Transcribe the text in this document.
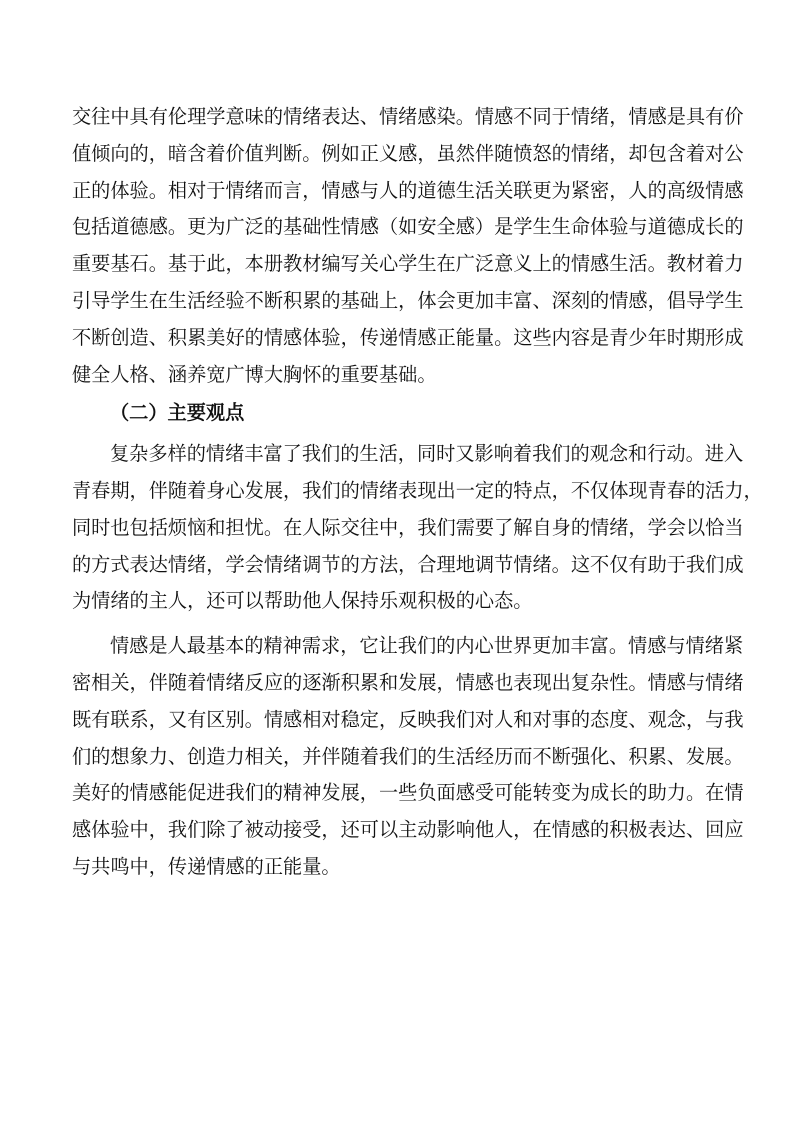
交往中具有伦理学意味的情绪表达、情绪感染。情感不同于情绪，情感是具有价
值倾向的，暗含着价值判断。例如正义感，虽然伴随愤怒的情绪，却包含着对公
正的体验。相对于情绪而言，情感与人的道德生活关联更为紧密，人的高级情感
包括道德感。更为广泛的基础性情感（如安全感）是学生生命体验与道德成长的
重要基石。基于此，本册教材编写关心学生在广泛意义上的情感生活。教材着力
引导学生在生活经验不断积累的基础上，体会更加丰富、深刻的情感，倡导学生
不断创造、积累美好的情感体验，传递情感正能量。这些内容是青少年时期形成
健全人格、涵养宽广博大胸怀的重要基础。
（二）主要观点
复杂多样的情绪丰富了我们的生活，同时又影响着我们的观念和行动。进入
青春期，伴随着身心发展，我们的情绪表现出一定的特点，不仅体现青春的活力，
同时也包括烦恼和担忧。在人际交往中，我们需要了解自身的情绪，学会以恰当
的方式表达情绪，学会情绪调节的方法，合理地调节情绪。这不仅有助于我们成
为情绪的主人，还可以帮助他人保持乐观积极的心态。
情感是人最基本的精神需求，它让我们的内心世界更加丰富。情感与情绪紧
密相关，伴随着情绪反应的逐渐积累和发展，情感也表现出复杂性。情感与情绪
既有联系，又有区别。情感相对稳定，反映我们对人和对事的态度、观念，与我
们的想象力、创造力相关，并伴随着我们的生活经历而不断强化、积累、发展。
美好的情感能促进我们的精神发展，一些负面感受可能转变为成长的助力。在情
感体验中，我们除了被动接受，还可以主动影响他人，在情感的积极表达、回应
与共鸣中，传递情感的正能量。
